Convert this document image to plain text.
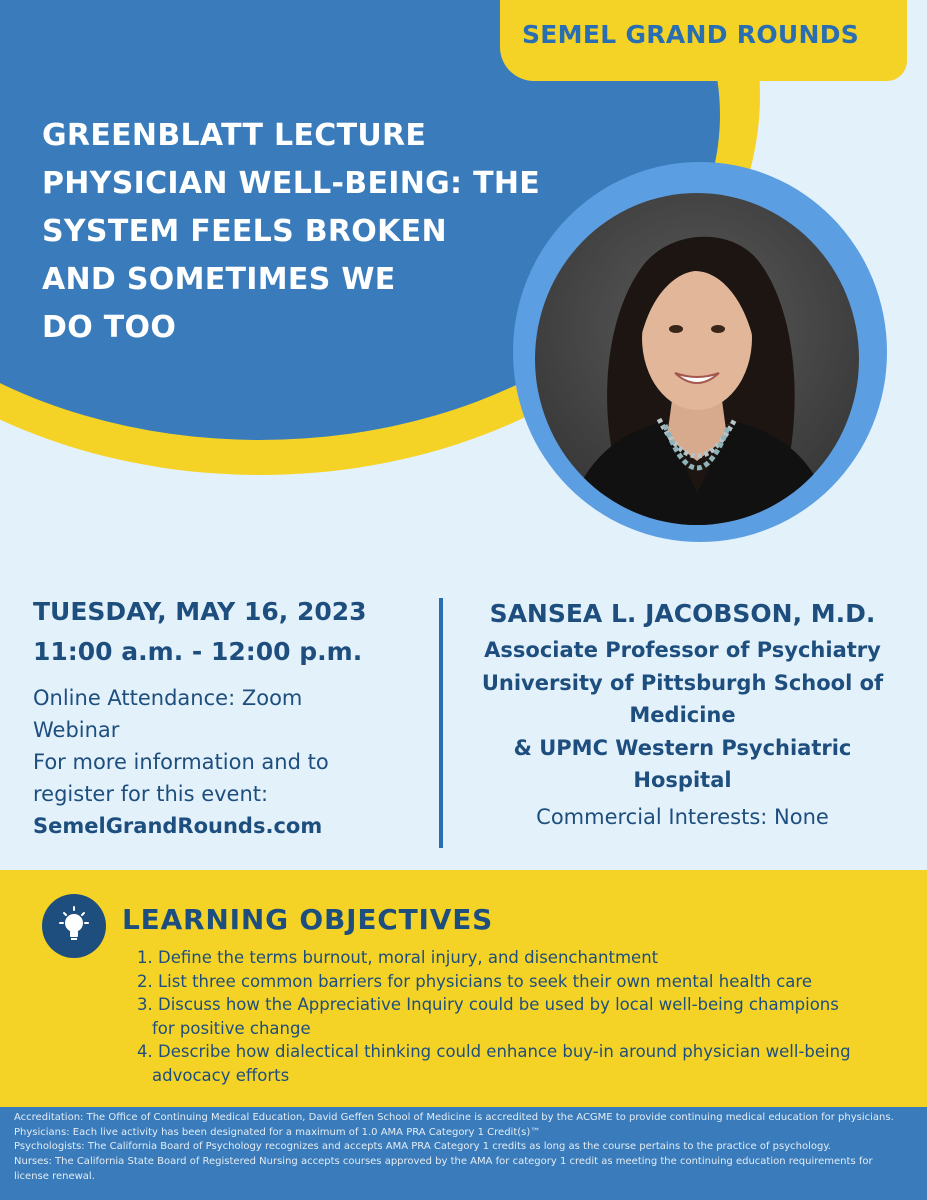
SEMEL GRAND ROUNDS
GREENBLATT LECTURE
PHYSICIAN WELL-BEING: THE
SYSTEM FEELS BROKEN
AND SOMETIMES WE
DO TOO
TUESDAY, MAY 16, 2023
11:00 a.m. - 12:00 p.m.
Online Attendance: Zoom
Webinar
For more information and to
register for this event:
SemelGrandRounds.com
SANSEA L. JACOBSON, M.D.
Associate Professor of Psychiatry
University of Pittsburgh School of
Medicine
& UPMC Western Psychiatric
Hospital
Commercial Interests: None
LEARNING OBJECTIVES
1. Define the terms burnout, moral injury, and disenchantment
2. List three common barriers for physicians to seek their own mental health care
3. Discuss how the Appreciative Inquiry could be used by local well-being champions for positive change
4. Describe how dialectical thinking could enhance buy-in around physician well-being advocacy efforts
Accreditation: The Office of Continuing Medical Education, David Geffen School of Medicine is accredited by the ACGME to provide continuing medical education for physicians.
Physicians: Each live activity has been designated for a maximum of 1.0 AMA PRA Category 1 Credit(s)™
Psychologists: The California Board of Psychology recognizes and accepts AMA PRA Category 1 credits as long as the course pertains to the practice of psychology.
Nurses: The California State Board of Registered Nursing accepts courses approved by the AMA for category 1 credit as meeting the continuing education requirements for license renewal.
